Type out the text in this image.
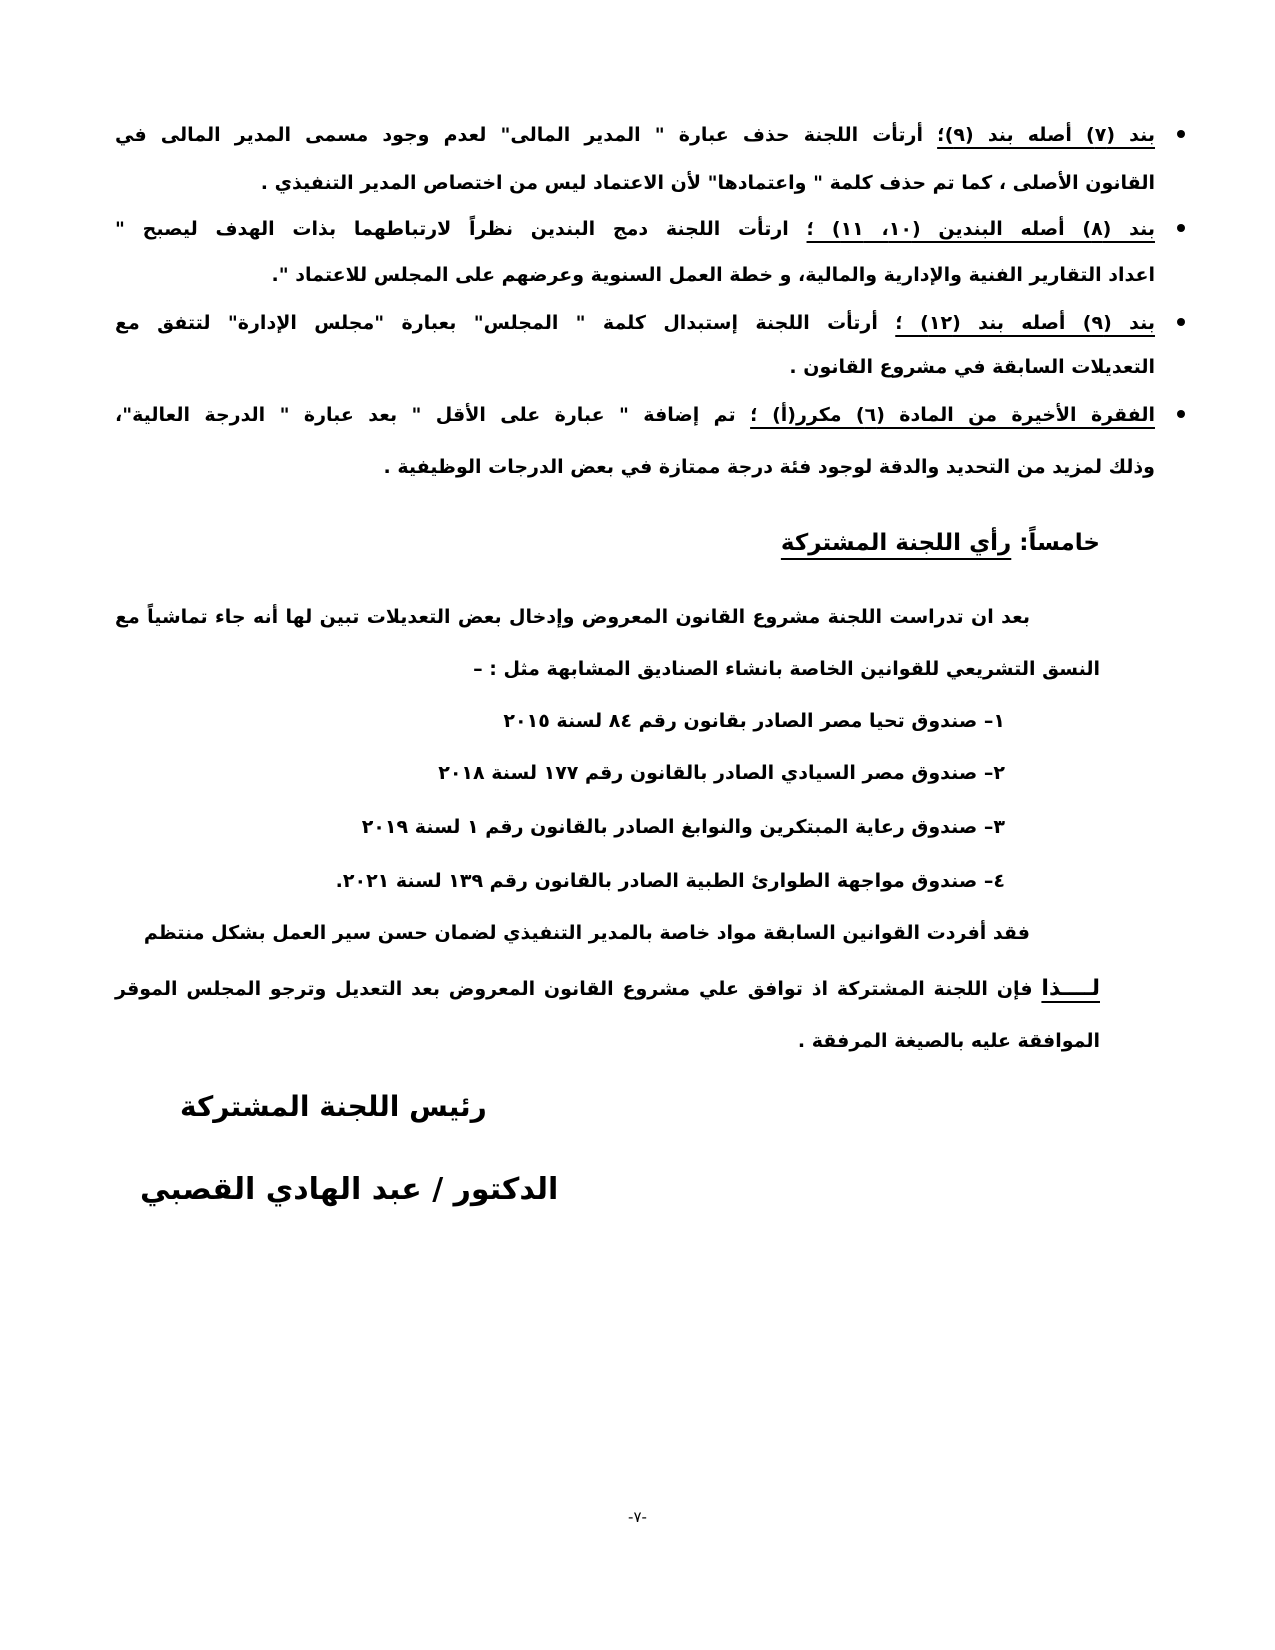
بند (٧) أصله بند (٩)؛ أرتأت اللجنة حذف عبارة " المدير المالى" لعدم وجود مسمى المدير المالى في
القانون الأصلى ، كما تم حذف كلمة " واعتمادها" لأن الاعتماد ليس من اختصاص المدير التنفيذي .
بند (٨) أصله البندين (١٠، ١١) ؛ ارتأت اللجنة دمج البندين نظراً لارتباطهما بذات الهدف ليصبح "
اعداد التقارير الفنية والإدارية والمالية، و خطة العمل السنوية وعرضهم على المجلس للاعتماد ".
بند (٩) أصله بند (١٢) ؛ أرتأت اللجنة إستبدال كلمة " المجلس" بعبارة "مجلس الإدارة" لتتفق مع
التعديلات السابقة في مشروع القانون .
الفقرة الأخيرة من المادة (٦) مكرر(أ) ؛ تم إضافة " عبارة على الأقل " بعد عبارة " الدرجة العالية"،
وذلك لمزيد من التحديد والدقة لوجود فئة درجة ممتازة في بعض الدرجات الوظيفية .
خامساً: رأي اللجنة المشتركة
بعد ان تدراست اللجنة مشروع القانون المعروض وإدخال بعض التعديلات تبين لها أنه جاء تماشياً مع
النسق التشريعي للقوانين الخاصة بانشاء الصناديق المشابهة مثل : –
١– صندوق تحيا مصر الصادر بقانون رقم ٨٤ لسنة ٢٠١٥
٢– صندوق مصر السيادي الصادر بالقانون رقم ١٧٧ لسنة ٢٠١٨
٣– صندوق رعاية المبتكرين والنوابغ الصادر بالقانون رقم ١ لسنة ٢٠١٩
٤– صندوق مواجهة الطوارئ الطبية الصادر بالقانون رقم ١٣٩ لسنة ٢٠٢١.
فقد أفردت القوانين السابقة مواد خاصة بالمدير التنفيذي لضمان حسن سير العمل بشكل منتظم
لــــذا فإن اللجنة المشتركة اذ توافق علي مشروع القانون المعروض بعد التعديل وترجو المجلس الموقر
الموافقة عليه بالصيغة المرفقة .
رئيس اللجنة المشتركة
الدكتور / عبد الهادي القصبي
-٧-
